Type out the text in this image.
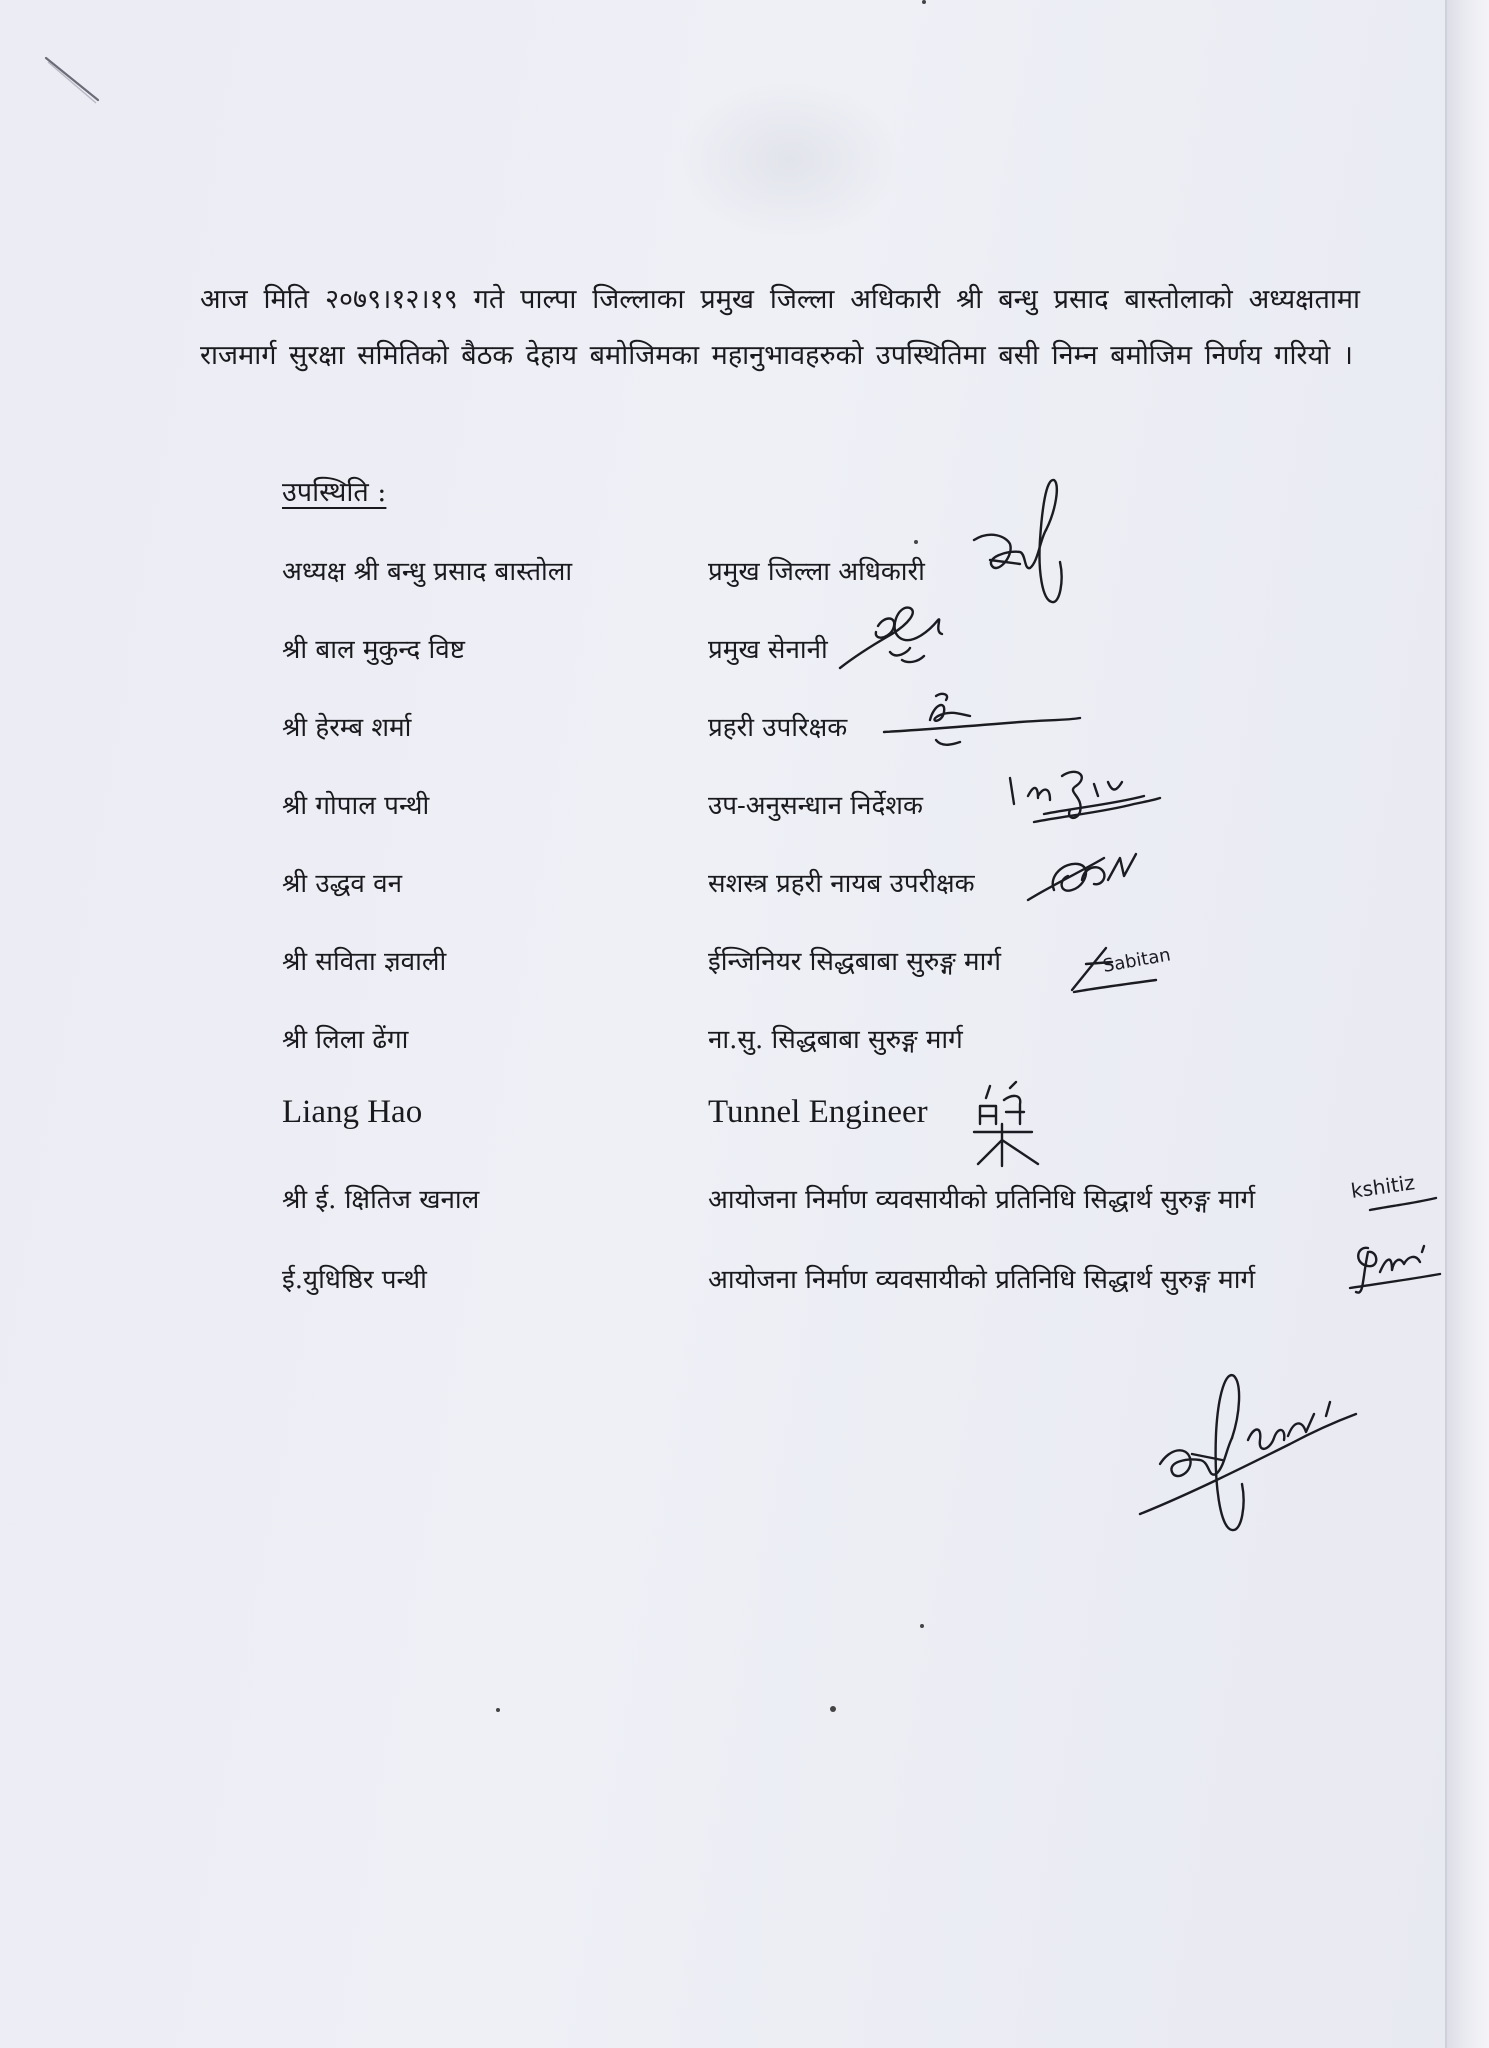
आज मिति २०७९।१२।१९ गते पाल्पा जिल्लाका प्रमुख जिल्ला अधिकारी श्री बन्धु प्रसाद बास्तोलाको अध्यक्षतामा राजमार्ग सुरक्षा समितिको बैठक देहाय बमोजिमका महानुभावहरुको उपस्थितिमा बसी निम्न बमोजिम निर्णय गरियो ।
उपस्थिति :
अध्यक्ष श्री बन्धु प्रसाद बास्तोला	प्रमुख जिल्ला अधिकारी
श्री बाल मुकुन्द विष्ट	प्रमुख सेनानी
श्री हेरम्ब शर्मा	प्रहरी उपरिक्षक
श्री गोपाल पन्थी	उप-अनुसन्धान निर्देशक
श्री उद्धव वन	सशस्त्र प्रहरी नायब उपरीक्षक
श्री सविता ज्ञवाली	ईन्जिनियर सिद्धबाबा सुरुङ्ग मार्ग	Sabitan
श्री लिला ढेंगा	ना.सु. सिद्धबाबा सुरुङ्ग मार्ग
Liang Hao	Tunnel Engineer
श्री ई. क्षितिज खनाल	आयोजना निर्माण व्यवसायीको प्रतिनिधि सिद्धार्थ सुरुङ्ग मार्ग	kshitiz
ई.युधिष्ठिर पन्थी	आयोजना निर्माण व्यवसायीको प्रतिनिधि सिद्धार्थ सुरुङ्ग मार्ग
